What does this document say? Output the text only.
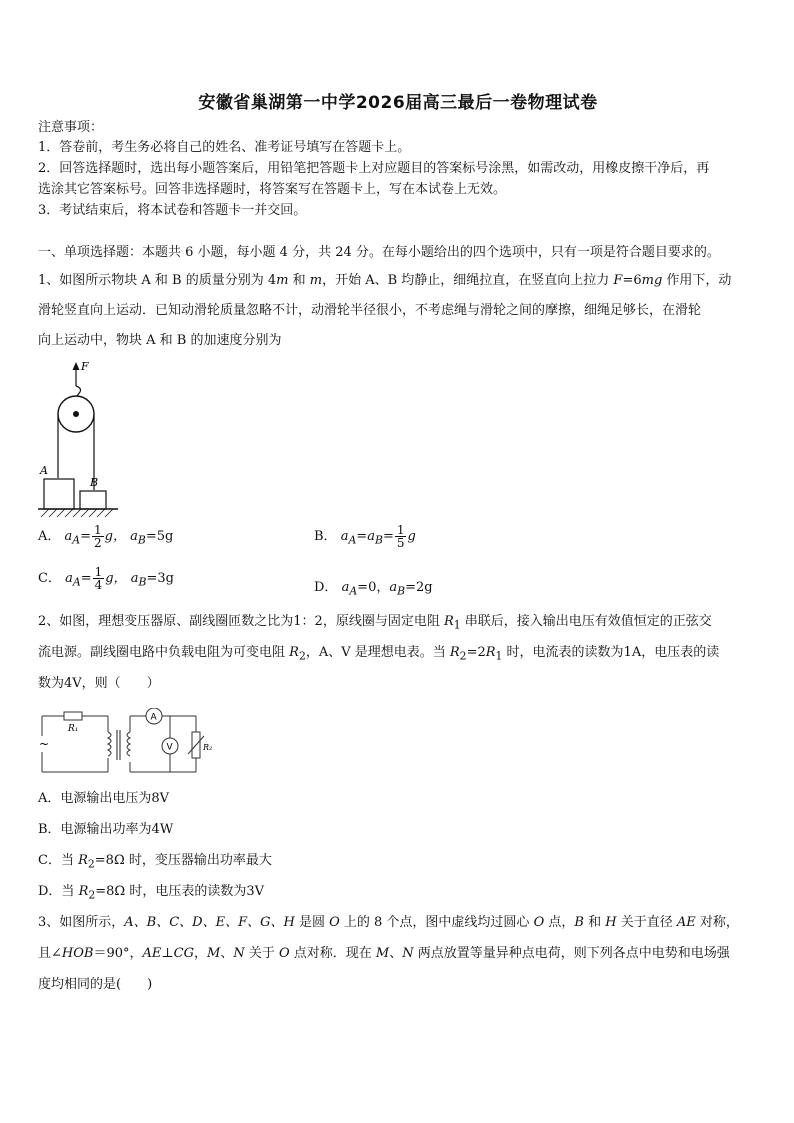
安徽省巢湖第一中学2026届高三最后一卷物理试卷
注意事项：
1．答卷前，考生务必将自己的姓名、准考证号填写在答题卡上。
2．回答选择题时，选出每小题答案后，用铅笔把答题卡上对应题目的答案标号涂黑，如需改动，用橡皮擦干净后，再
选涂其它答案标号。回答非选择题时，将答案写在答题卡上，写在本试卷上无效。
3．考试结束后，将本试卷和答题卡一并交回。
一、单项选择题：本题共 6 小题，每小题 4 分，共 24 分。在每小题给出的四个选项中，只有一项是符合题目要求的。
1、如图所示物块 A 和 B 的质量分别为 4m 和 m，开始 A、B 均静止，细绳拉直，在竖直向上拉力 F=6mg 作用下，动
滑轮竖直向上运动．已知动滑轮质量忽略不计，动滑轮半径很小，不考虑绳与滑轮之间的摩擦，细绳足够长，在滑轮
向上运动中，物块 A 和 B 的加速度分别为
F
A
B
A． $a_A= \frac{1}{2}$ g， $a_B=5g$	B． $a_A=a_B= \frac{1}{5}$ g
C． $a_A= \frac{1}{4}$ g， $a_B=3g$
D． $a_A=0$，$a_B=2g$
2、如图，理想变压器原、副线圈匝数之比为1：2，原线圈与固定电阻 $R_1$ 串联后，接入输出电压有效值恒定的正弦交
流电源。副线圈电路中负载电阻为可变电阻 $R_2$，A、V 是理想电表。当 $R_2=2R_1$ 时，电流表的读数为1A，电压表的读
数为4V，则（　　）
~
R₁
A
V	R₂
A．电源输出电压为8V
B．电源输出功率为4W
C．当 $R_2=8\Omega$ 时，变压器输出功率最大
D．当 $R_2=8\Omega$ 时，电压表的读数为3V
3、如图所示，A、B、C、D、E、F、G、H 是圆 O 上的 8 个点，图中虚线均过圆心 O 点，B 和 H 关于直径 AE 对称，
且∠HOB＝90°，AE⊥CG，M、N 关于 O 点对称．现在 M、N 两点放置等量异种点电荷，则下列各点中电势和电场强
度均相同的是(　　)
